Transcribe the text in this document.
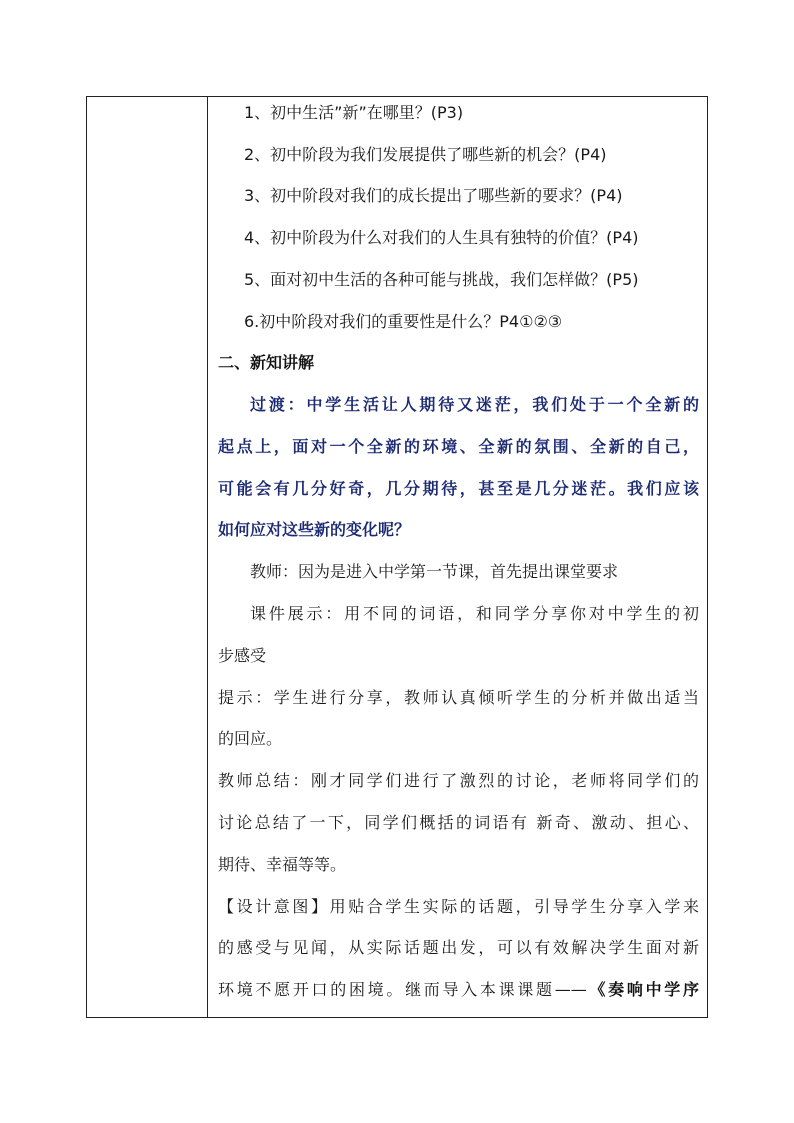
1、初中生活”新”在哪里？(P3)
2、初中阶段为我们发展提供了哪些新的机会？(P4)
3、初中阶段对我们的成长提出了哪些新的要求？(P4)
4、初中阶段为什么对我们的人生具有独特的价值？(P4)
5、面对初中生活的各种可能与挑战，我们怎样做？(P5)
6.初中阶段对我们的重要性是什么？P4①②③
二、新知讲解
过渡：中学生活让人期待又迷茫，我们处于一个全新的
起点上，面对一个全新的环境、全新的氛围、全新的自己，
可能会有几分好奇，几分期待，甚至是几分迷茫。我们应该
如何应对这些新的变化呢？
教师：因为是进入中学第一节课，首先提出课堂要求
课件展示：用不同的词语，和同学分享你对中学生的初
步感受
提示：学生进行分享，教师认真倾听学生的分析并做出适当
的回应。
教师总结：刚才同学们进行了激烈的讨论，老师将同学们的
讨论总结了一下，同学们概括的词语有 新奇、激动、担心、
期待、幸福等等。
【设计意图】用贴合学生实际的话题，引导学生分享入学来
的感受与见闻，从实际话题出发，可以有效解决学生面对新
环境不愿开口的困境。继而导入本课课题——《奏响中学序
